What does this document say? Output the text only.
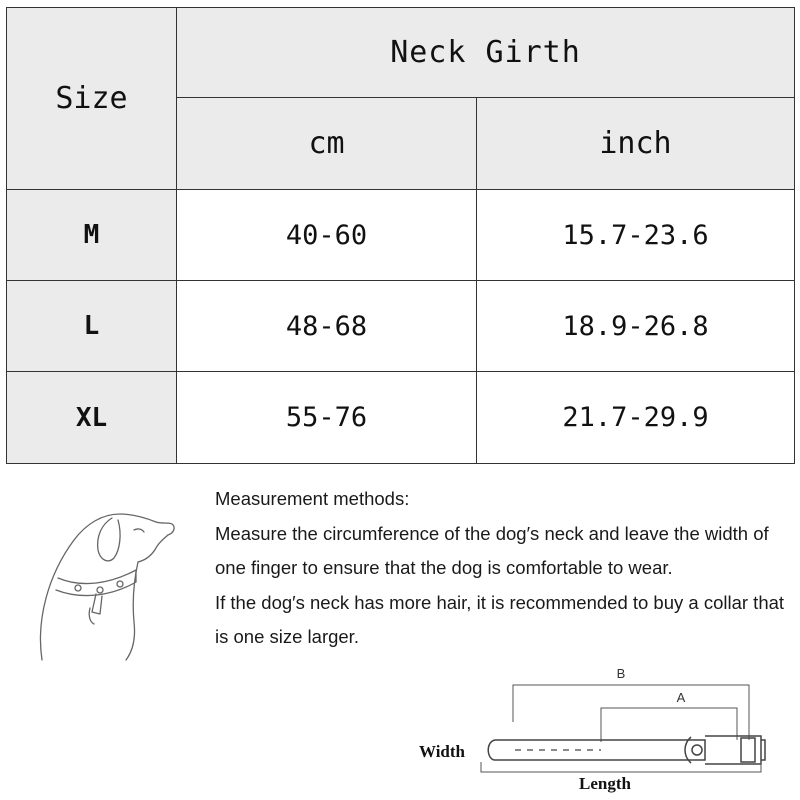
Size	Neck Girth	
	cm	inch
M	40-60	15.7-23.6
L	48-68	18.9-26.8
XL	55-76	21.7-29.9

Measurement methods:

Measure the circumference of the dog′s neck and leave the width of one finger to ensure that the dog is comfortable to wear.

If the dog′s neck has more hair, it is recommended to buy a collar that is one size larger.

B
A
Width
Length
